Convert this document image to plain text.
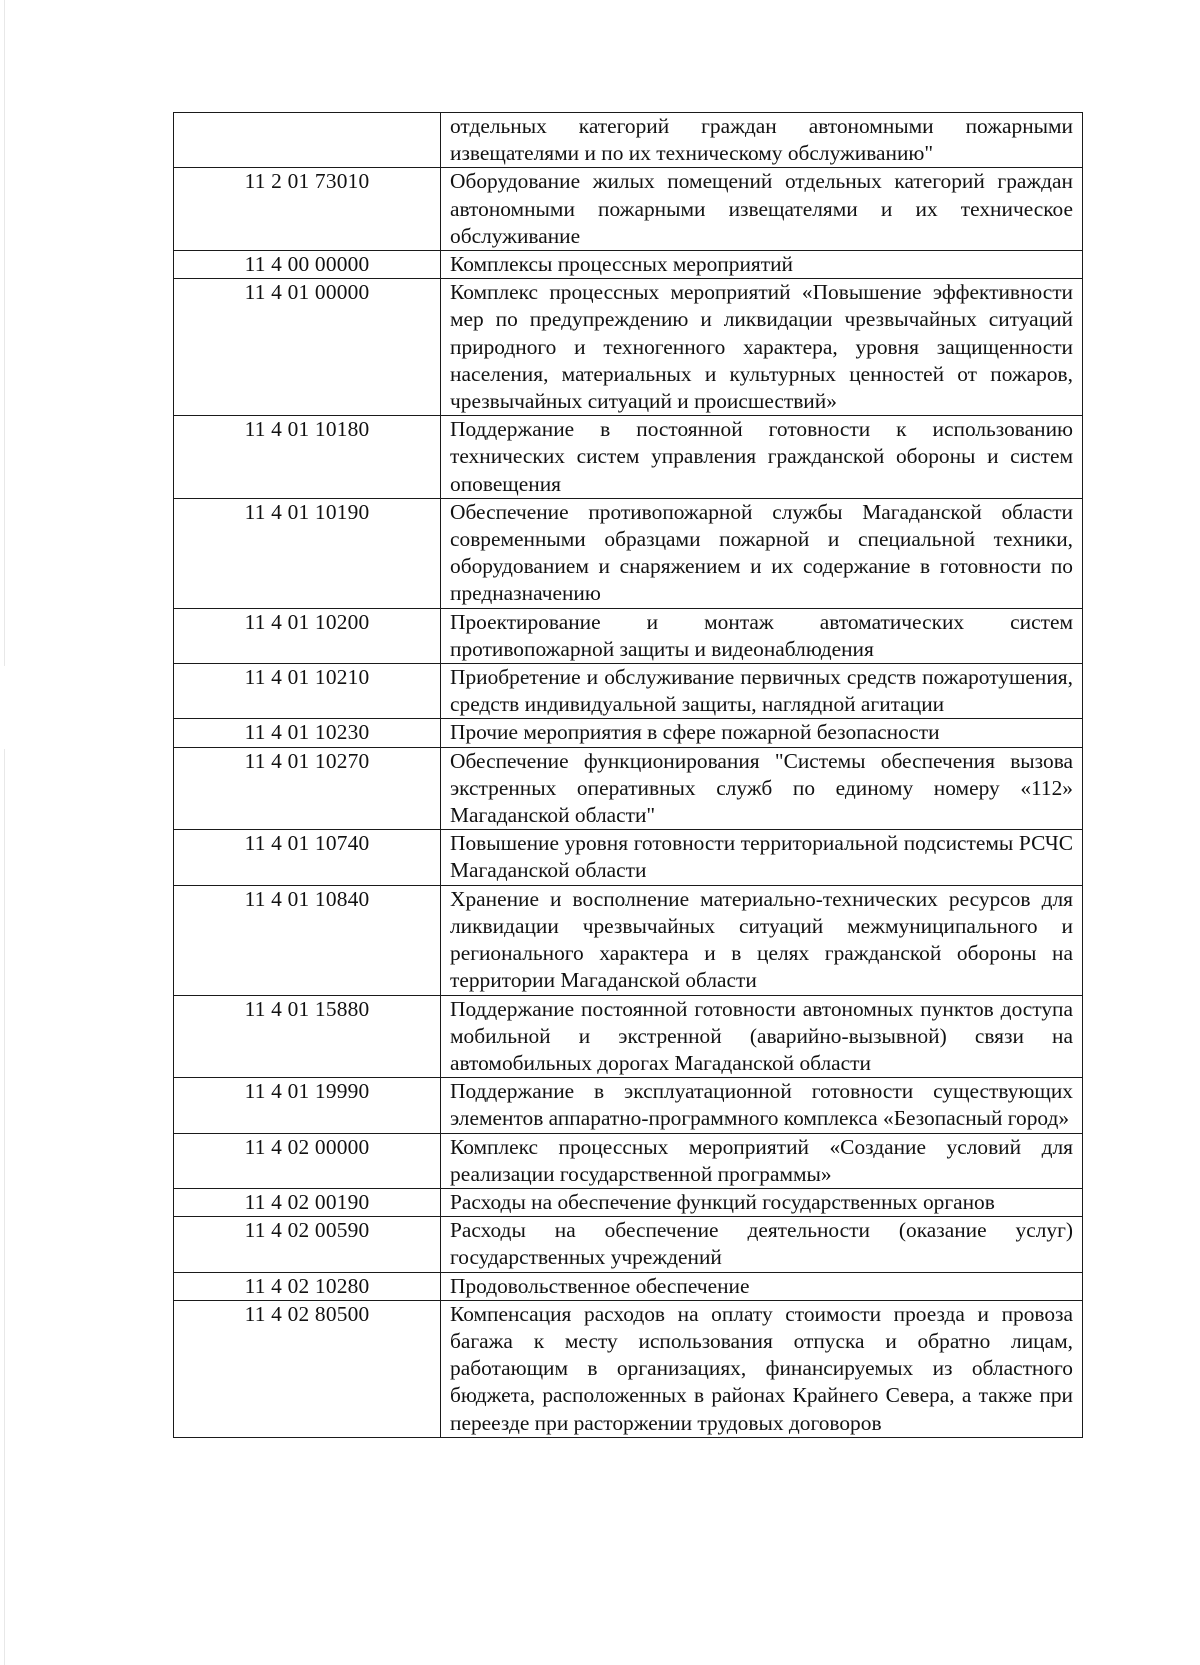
	отдельных категорий граждан автономными пожарными извещателями и по их техническому обслуживанию"
11 2 01 73010	Оборудование жилых помещений отдельных категорий граждан автономными пожарными извещателями и их техническое обслуживание
11 4 00 00000	Комплексы процессных мероприятий
11 4 01 00000	Комплекс процессных мероприятий «Повышение эффективности мер по предупреждению и ликвидации чрезвычайных ситуаций природного и техногенного характера, уровня защищенности населения, материальных и культурных ценностей от пожаров, чрезвычайных ситуаций и происшествий»
11 4 01 10180	Поддержание в постоянной готовности к использованию технических систем управления гражданской обороны и систем оповещения
11 4 01 10190	Обеспечение противопожарной службы Магаданской области современными образцами пожарной и специальной техники, оборудованием и снаряжением и их содержание в готовности по предназначению
11 4 01 10200	Проектирование и монтаж автоматических систем противопожарной защиты и видеонаблюдения
11 4 01 10210	Приобретение и обслуживание первичных средств пожаротушения, средств индивидуальной защиты, наглядной агитации
11 4 01 10230	Прочие мероприятия в сфере пожарной безопасности
11 4 01 10270	Обеспечение функционирования "Системы обеспечения вызова экстренных оперативных служб по единому номеру «112» Магаданской области"
11 4 01 10740	Повышение уровня готовности территориальной подсистемы РСЧС Магаданской области
11 4 01 10840	Хранение и восполнение материально-технических ресурсов для ликвидации чрезвычайных ситуаций межмуниципального и регионального характера и в целях гражданской обороны на территории Магаданской области
11 4 01 15880	Поддержание постоянной готовности автономных пунктов доступа мобильной и экстренной (аварийно-вызывной) связи на автомобильных дорогах Магаданской области
11 4 01 19990	Поддержание в эксплуатационной готовности существующих элементов аппаратно-программного комплекса «Безопасный город»
11 4 02 00000	Комплекс процессных мероприятий «Создание условий для реализации государственной программы»
11 4 02 00190	Расходы на обеспечение функций государственных органов
11 4 02 00590	Расходы на обеспечение деятельности (оказание услуг) государственных учреждений
11 4 02 10280	Продовольственное обеспечение
11 4 02 80500	Компенсация расходов на оплату стоимости проезда и провоза багажа к месту использования отпуска и обратно лицам, работающим в организациях, финансируемых из областного бюджета, расположенных в районах Крайнего Севера, а также при переезде при расторжении трудовых договоров
